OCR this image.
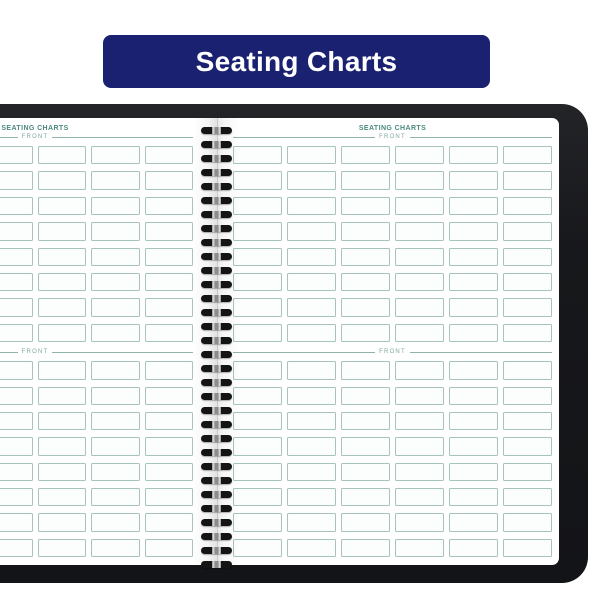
Seating Charts
SEATING CHARTS
FRONT
FRONT
SEATING CHARTS
FRONT
FRONT
